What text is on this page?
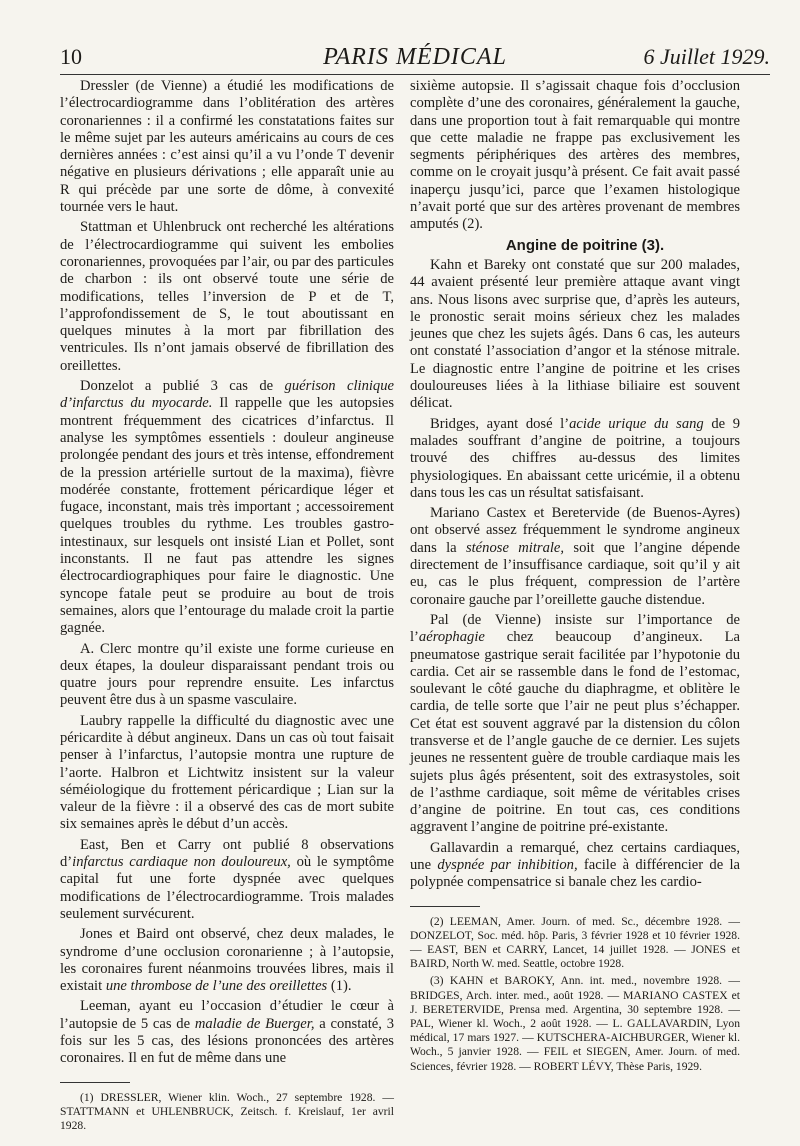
10	PARIS MÉDICAL	6 Juillet 1929.

Dressler (de Vienne) a étudié les modifications de l’électrocardiogramme dans l’oblitération des artères coronariennes : il a confirmé les constatations faites sur le même sujet par les auteurs américains au cours de ces dernières années : c’est ainsi qu’il a vu l’onde T devenir négative en plusieurs dérivations ; elle apparaît unie au R qui précède par une sorte de dôme, à convexité tournée vers le haut.

Stattman et Uhlenbruck ont recherché les altérations de l’électrocardiogramme qui suivent les embolies coronariennes, provoquées par l’air, ou par des particules de charbon : ils ont observé toute une série de modifications, telles l’inversion de P et de T, l’approfondissement de S, le tout aboutissant en quelques minutes à la mort par fibrillation des ventricules. Ils n’ont jamais observé de fibrillation des oreillettes.

Donzelot a publié 3 cas de guérison clinique d’infarctus du myocarde. Il rappelle que les autopsies montrent fréquemment des cicatrices d’infarctus. Il analyse les symptômes essentiels : douleur angineuse prolongée pendant des jours et très intense, effondrement de la pression artérielle surtout de la maxima), fièvre modérée constante, frottement péricardique léger et fugace, inconstant, mais très important ; accessoirement quelques troubles du rythme. Les troubles gastro-intestinaux, sur lesquels ont insisté Lian et Pollet, sont inconstants. Il ne faut pas attendre les signes électrocardiographiques pour faire le diagnostic. Une syncope fatale peut se produire au bout de trois semaines, alors que l’entourage du malade croit la partie gagnée.

A. Clerc montre qu’il existe une forme curieuse en deux étapes, la douleur disparaissant pendant trois ou quatre jours pour reprendre ensuite. Les infarctus peuvent être dus à un spasme vasculaire.

Laubry rappelle la difficulté du diagnostic avec une péricardite à début angineux. Dans un cas où tout faisait penser à l’infarctus, l’autopsie montra une rupture de l’aorte. Halbron et Lichtwitz insistent sur la valeur séméiologique du frottement péricardique ; Lian sur la valeur de la fièvre : il a observé des cas de mort subite six semaines après le début d’un accès.

East, Ben et Carry ont publié 8 observations d’infarctus cardiaque non douloureux, où le symptôme capital fut une forte dyspnée avec quelques modifications de l’électrocardiogramme. Trois malades seulement survécurent.

Jones et Baird ont observé, chez deux malades, le syndrome d’une occlusion coronarienne ; à l’autopsie, les coronaires furent néanmoins trouvées libres, mais il existait une thrombose de l’une des oreillettes (1).

Leeman, ayant eu l’occasion d’étudier le cœur à l’autopsie de 5 cas de maladie de Buerger, a constaté, 3 fois sur les 5 cas, des lésions prononcées des artères coronaires. Il en fut de même dans une

(1) DRESSLER, Wiener klin. Woch., 27 septembre 1928. — STATTMANN et UHLENBRUCK, Zeitsch. f. Kreislauf, 1er avril 1928.

sixième autopsie. Il s’agissait chaque fois d’occlusion complète d’une des coronaires, généralement la gauche, dans une proportion tout à fait remarquable qui montre que cette maladie ne frappe pas exclusivement les segments périphériques des artères des membres, comme on le croyait jusqu’à présent. Ce fait avait passé inaperçu jusqu’ici, parce que l’examen histologique n’avait porté que sur des artères provenant de membres amputés (2).

Angine de poitrine (3).

Kahn et Bareky ont constaté que sur 200 malades, 44 avaient présenté leur première attaque avant vingt ans. Nous lisons avec surprise que, d’après les auteurs, le pronostic serait moins sérieux chez les malades jeunes que chez les sujets âgés. Dans 6 cas, les auteurs ont constaté l’association d’angor et la sténose mitrale. Le diagnostic entre l’angine de poitrine et les crises douloureuses liées à la lithiase biliaire est souvent délicat.

Bridges, ayant dosé l’acide urique du sang de 9 malades souffrant d’angine de poitrine, a toujours trouvé des chiffres au-dessus des limites physiologiques. En abaissant cette uricémie, il a obtenu dans tous les cas un résultat satisfaisant.

Mariano Castex et Beretervide (de Buenos-Ayres) ont observé assez fréquemment le syndrome angineux dans la sténose mitrale, soit que l’angine dépende directement de l’insuffisance cardiaque, soit qu’il y ait eu, cas le plus fréquent, compression de l’artère coronaire gauche par l’oreillette gauche distendue.

Pal (de Vienne) insiste sur l’importance de l’aérophagie chez beaucoup d’angineux. La pneumatose gastrique serait facilitée par l’hypotonie du cardia. Cet air se rassemble dans le fond de l’estomac, soulevant le côté gauche du diaphragme, et oblitère le cardia, de telle sorte que l’air ne peut plus s’échapper. Cet état est souvent aggravé par la distension du côlon transverse et de l’angle gauche de ce dernier. Les sujets jeunes ne ressentent guère de trouble cardiaque mais les sujets plus âgés présentent, soit des extrasystoles, soit de l’asthme cardiaque, soit même de véritables crises d’angine de poitrine. En tout cas, ces conditions aggravent l’angine de poitrine pré-existante.

Gallavardin a remarqué, chez certains cardiaques, une dyspnée par inhibition, facile à différencier de la polypnée compensatrice si banale chez les cardio-

(2) LEEMAN, Amer. Journ. of med. Sc., décembre 1928. — DONZELOT, Soc. méd. hôp. Paris, 3 février 1928 et 10 février 1928. — EAST, BEN et CARRY, Lancet, 14 juillet 1928. — JONES et BAIRD, North W. med. Seattle, octobre 1928.

(3) KAHN et BAROKY, Ann. int. med., novembre 1928. — BRIDGES, Arch. inter. med., août 1928. — MARIANO CASTEX et J. BERETERVIDE, Prensa med. Argentina, 30 septembre 1928. — PAL, Wiener kl. Woch., 2 août 1928. — L. GALLAVARDIN, Lyon médical, 17 mars 1927. — KUTSCHERA-AICHBURGER, Wiener kl. Woch., 5 janvier 1928. — FEIL et SIEGEN, Amer. Journ. of med. Sciences, février 1928. — ROBERT LÉVY, Thèse Paris, 1929.
